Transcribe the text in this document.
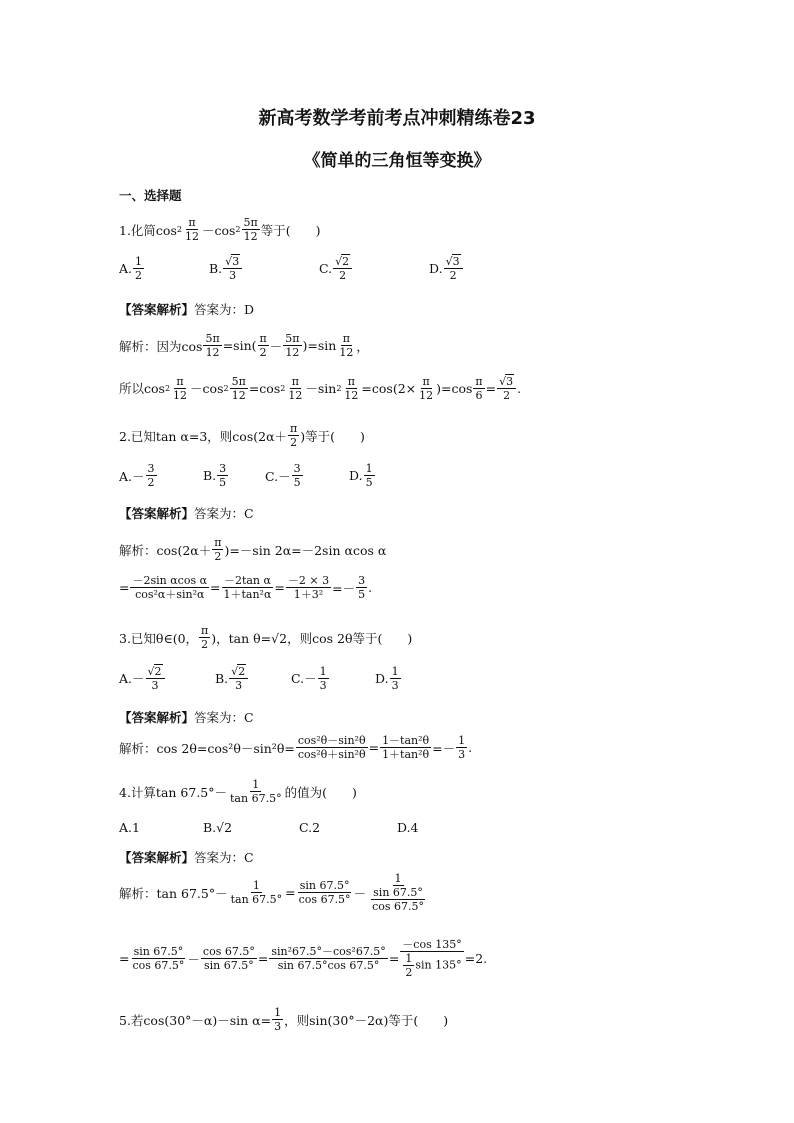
新高考数学考前考点冲刺精练卷23
《简单的三角恒等变换》
一、选择题
1.化简cos 2
π
12 －cos 2
5π
12 等于(　　)
A. 1
2	B. √3
3	C. √2
2	D. √3
2
【答案解析】 答案为：D
解析：因为cos
5π
12 =sin( π
2 －
5π
12 )=sin π
12 ，
所以cos 2
π
12 －cos 2
5π
12 =cos 2
π
12 －sin 2
π
12 =cos(2× π
12 )=cos π
6 = √3
2 .
2.已知tan α=3，则cos(2α＋
π
2 )等于(　　)
A.－
3
2	B. 3
5	C.－
3
5	D. 1
5
【答案解析】 答案为：C
解析：cos(2α＋
π
2 )=－sin 2α=－2sin αcos α
= －2sin αcos α
cos²α＋sin²α = －2tan α
1＋tan²α = －2 × 3
1＋3² =－
3
5 .
3.已知θ∈(0，
π
2 )，tan θ=√2，则cos 2θ等于(　　)
A.－ √2
3	B. √2
3	C.－
1
3	D. 1
3
【答案解析】 答案为：C
解析：$\cos 2\theta=\cos^2\theta-\sin^2\theta= \frac{\text{cos²θ－sin²θ}}{\text{cos²θ＋sin²θ}} = 1-\tan^2\theta$
1＋tan²θ =－
1
3 .
4.计算tan 67.5°－
1
tan 67.5° 的值为(　　)
A.1	B.√2	C.2	D.4
【答案解析】 答案为：C
解析：tan 67.5°－
1
tan 67.5° = sin 67.5°
cos 67.5° －
1
$\frac{\sin 67.5^\circ}{\cos 67.5^\circ}$
= sin 67.5°
cos 67.5° －
cos 67.5°
sin 67.5° = sin²67.5°－cos²67.5°
sin 67.5°cos 67.5° =
－cos 135°
$\frac{1}{2}$ sin 135° =2.
5.若cos(30°－α)－sin $\alpha= \frac{1}{3}$ ，则sin(30°－2α)等于(　　)
